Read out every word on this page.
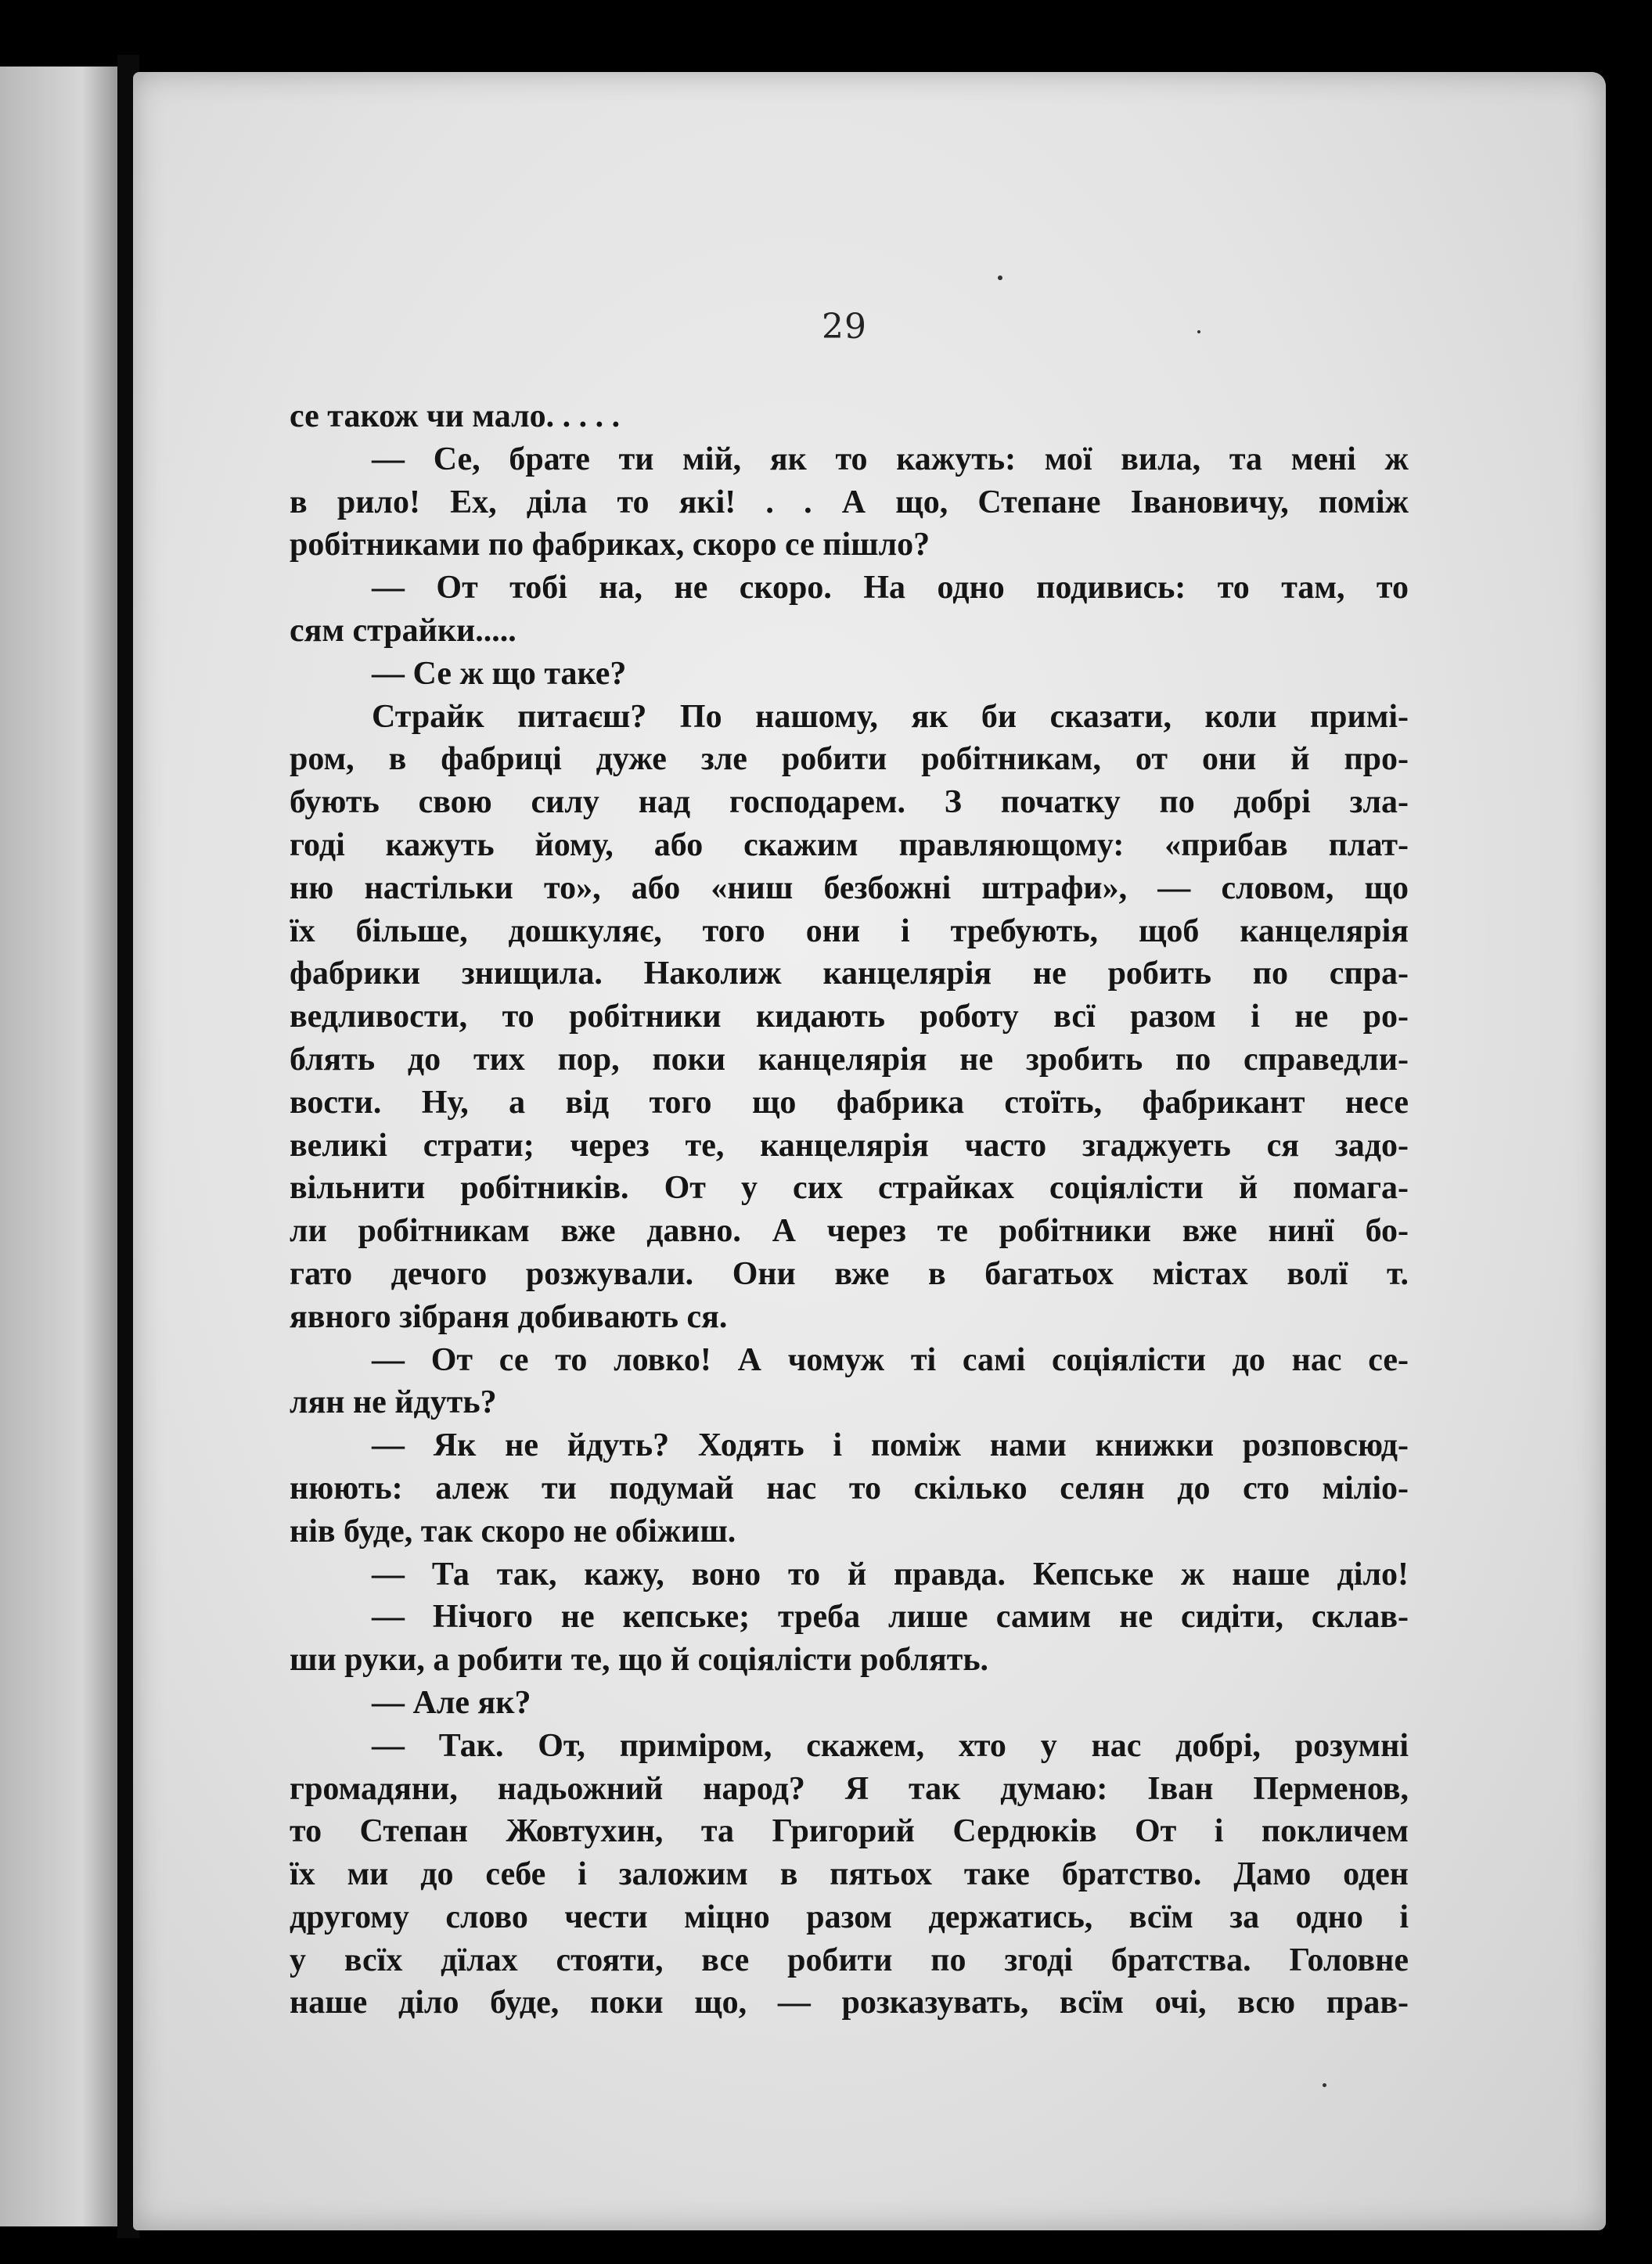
29
се також чи мало. . . . .
— Се, брате ти мій, як то кажуть: мої вила, та мені ж
в рило! Ех, діла то які! . . А що, Степане Івановичу, поміж
робітниками по фабриках, скоро се пішло?
— От тобі на, не скоро. На одно подивись: то там, то
сям страйки.....
— Се ж що таке?
Страйк питаєш? По нашому, як би сказати, коли примі-
ром, в фабриці дуже зле робити робітникам, от они й про-
бують свою силу над господарем. З початку по добрі зла-
годі кажуть йому, або скажим правляющому: «прибав плат-
ню настільки то», або «ниш безбожні штрафи», — словом, що
їх більше, дошкуляє, того они і требують, щоб канцелярія
фабрики знищила. Наколиж канцелярія не робить по спра-
ведливости, то робітники кидають роботу всї разом і не ро-
блять до тих пор, поки канцелярія не зробить по справедли-
вости. Ну, а від того що фабрика стоїть, фабрикант несе
великі страти; через те, канцелярія часто згаджуеть ся задо-
вільнити робітників. От у сих страйках соціялісти й помага-
ли робітникам вже давно. А через те робітники вже нинї бо-
гато дечого розжували. Они вже в багатьох містах волї т.
явного зібраня добивають ся.
— От се то ловко! А чомуж ті самі соціялісти до нас се-
лян не йдуть?
— Як не йдуть? Ходять і поміж нами книжки розповсюд-
нюють: алеж ти подумай нас то скілько селян до сто міліо-
нів буде, так скоро не обіжиш.
— Та так, кажу, воно то й правда. Кепське ж наше діло!
— Нічого не кепське; треба лише самим не сидіти, склав-
ши руки, а робити те, що й соціялісти роблять.
— Але як?
— Так. От, приміром, скажем, хто у нас добрі, розумні
громадяни, надьожний народ? Я так думаю: Іван Перменов,
то Степан Жовтухин, та Григорий Сердюків От і покличем
їх ми до себе і заложим в пятьох таке братство. Дамо оден
другому слово чести міцно разом держатись, всїм за одно і
у всїх дїлах стояти, все робити по згоді братства. Головне
наше діло буде, поки що, — розказувать, всїм очі, всю прав-
